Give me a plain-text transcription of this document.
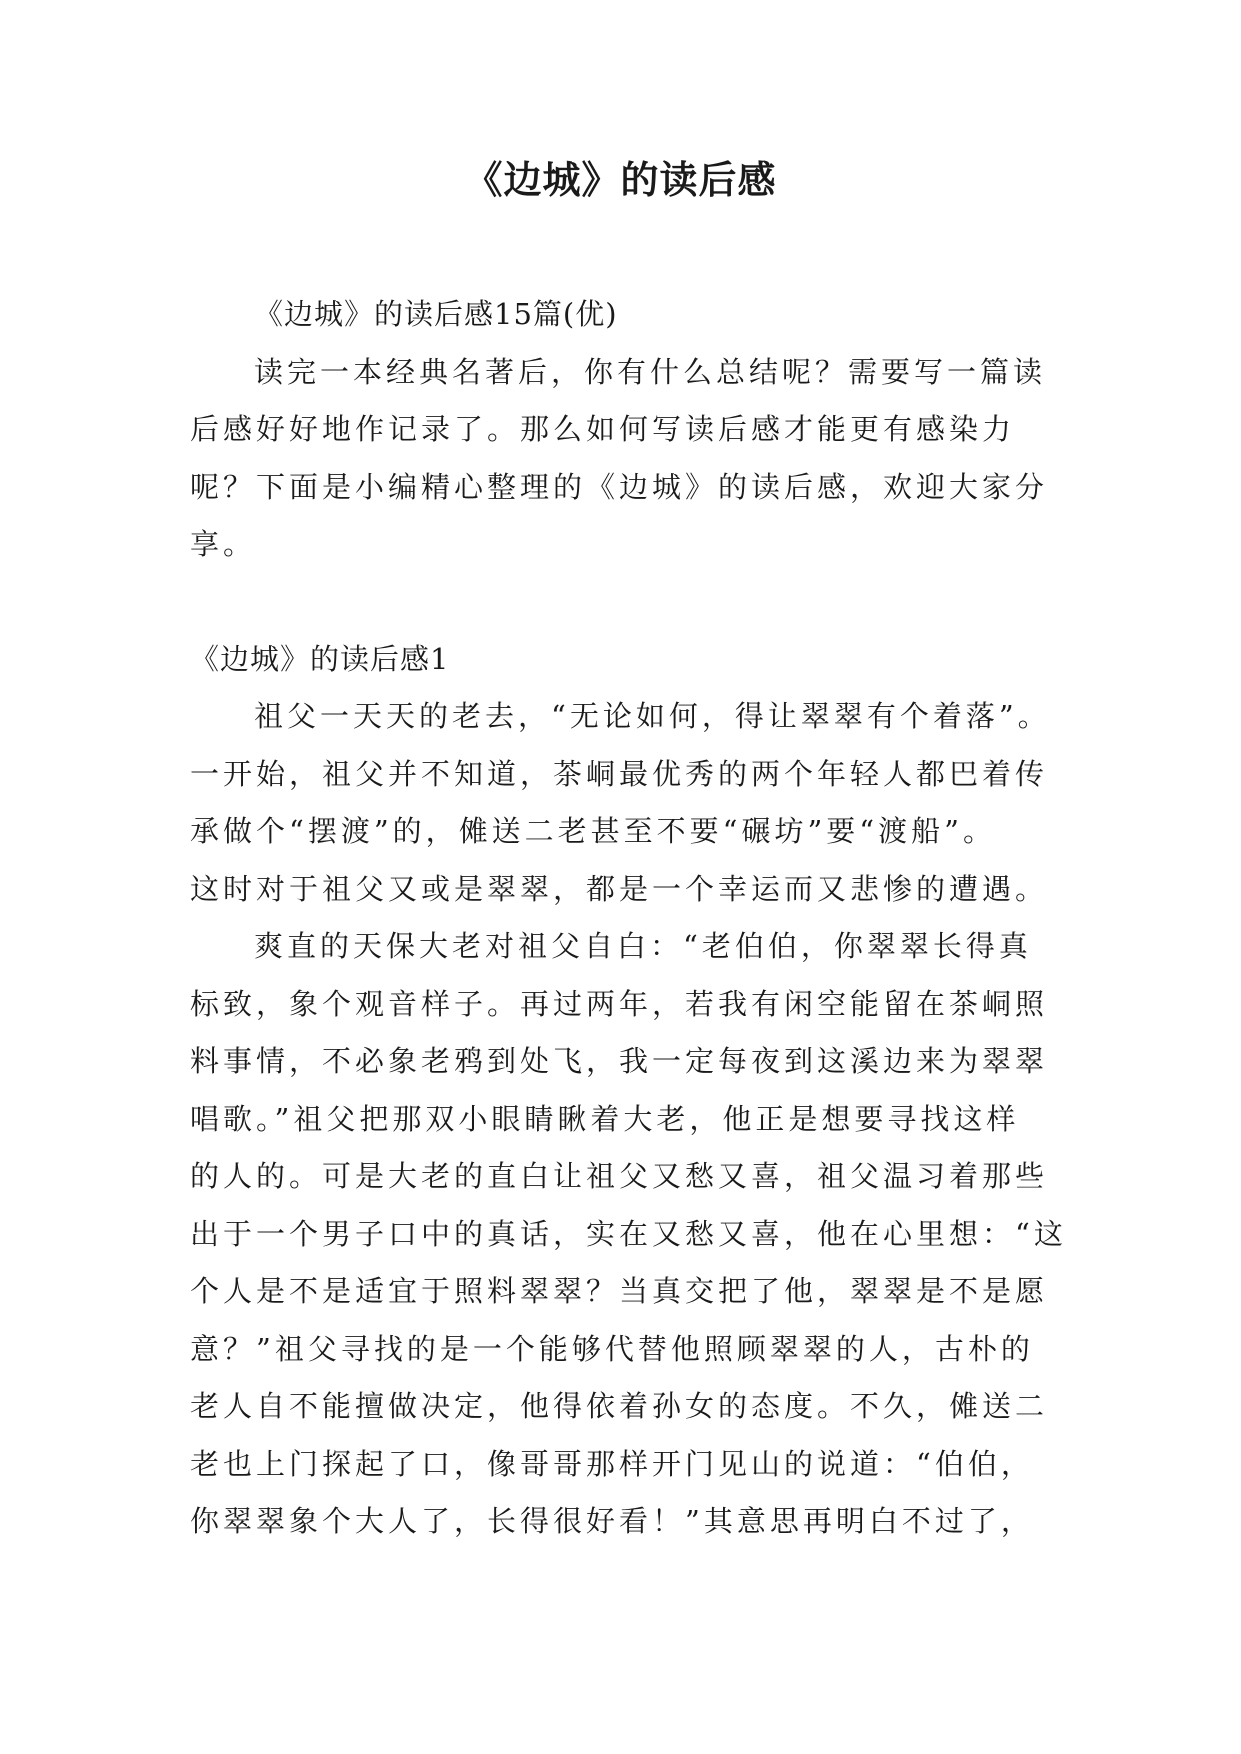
《边城》的读后感

《边城》的读后感15篇(优)

读完一本经典名著后，你有什么总结呢？需要写一篇读

后感好好地作记录了。那么如何写读后感才能更有感染力

呢？下面是小编精心整理的《边城》的读后感，欢迎大家分

享。

《边城》的读后感1

祖父一天天的老去，“无论如何，得让翠翠有个着落”。

一开始，祖父并不知道，茶峒最优秀的两个年轻人都巴着传

承做个“摆渡”的，傩送二老甚至不要“碾坊”要“渡船”。

这时对于祖父又或是翠翠，都是一个幸运而又悲惨的遭遇。

爽直的天保大老对祖父自白：“老伯伯，你翠翠长得真

标致，象个观音样子。再过两年，若我有闲空能留在茶峒照

料事情，不必象老鸦到处飞，我一定每夜到这溪边来为翠翠

唱歌。”祖父把那双小眼睛瞅着大老，他正是想要寻找这样

的人的。可是大老的直白让祖父又愁又喜，祖父温习着那些

出于一个男子口中的真话，实在又愁又喜，他在心里想：“这

个人是不是适宜于照料翠翠？当真交把了他，翠翠是不是愿

意？”祖父寻找的是一个能够代替他照顾翠翠的人，古朴的

老人自不能擅做决定，他得依着孙女的态度。不久，傩送二

老也上门探起了口，像哥哥那样开门见山的说道：“伯伯，

你翠翠象个大人了，长得很好看！”其意思再明白不过了，
